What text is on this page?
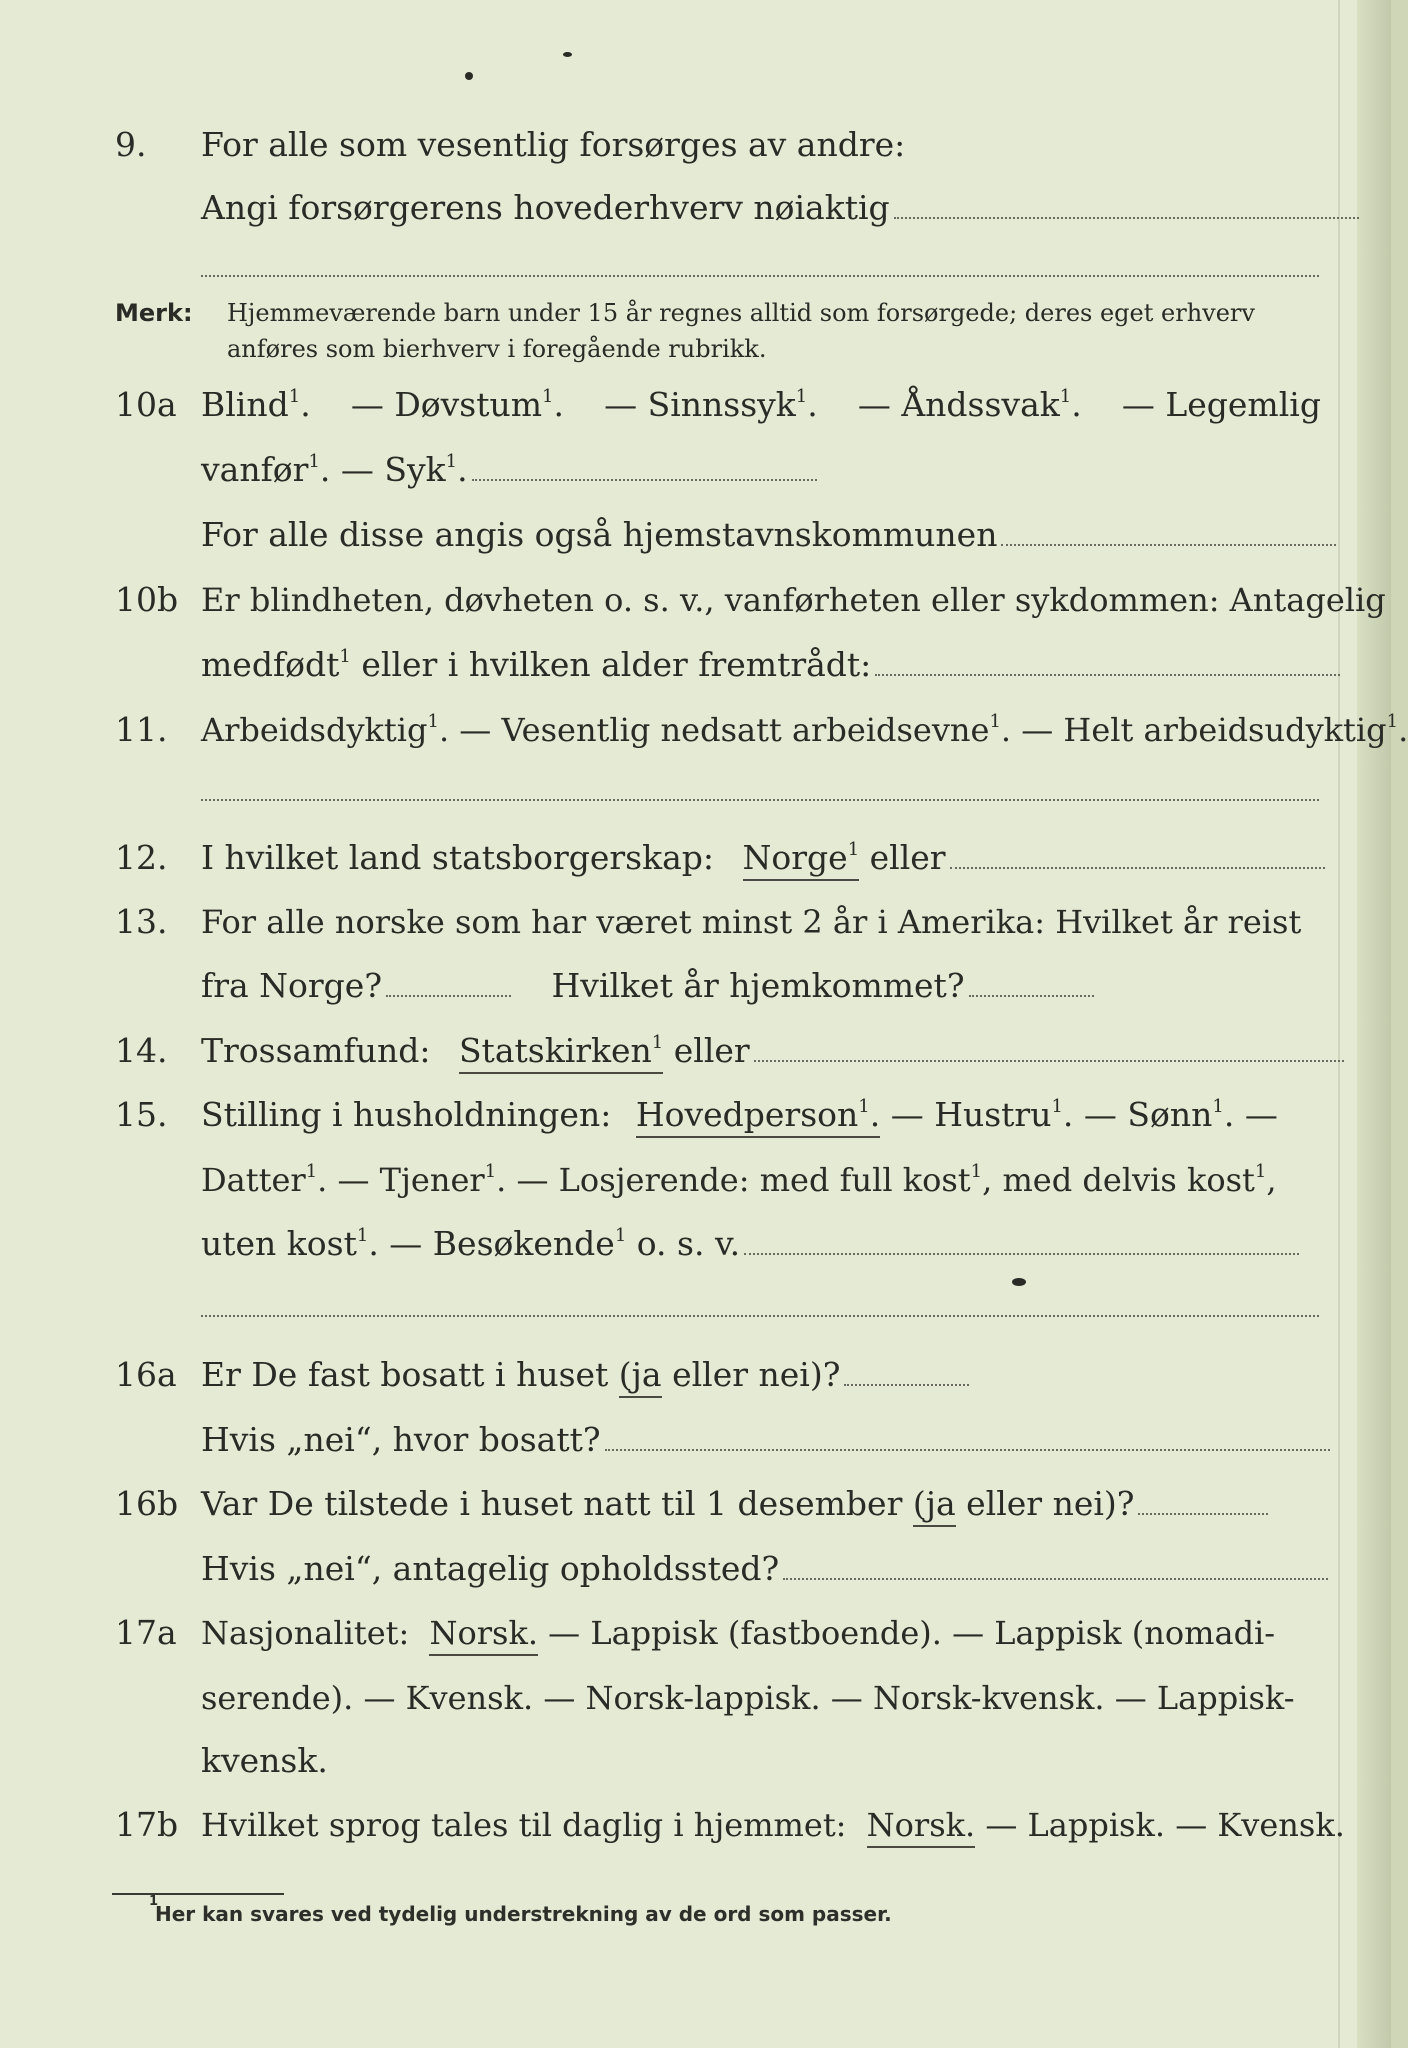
9. For alle som vesentlig forsørges av andre:
Angi forsørgerens hovederhverv nøiaktig
Merk: Hjemmeværende barn under 15 år regnes alltid som forsørgede; deres eget erhverv anføres som bierhverv i foregående rubrikk.
10a Blind$^1$. — Døvstum$^1$. — Sinnssyk$^1$. — Åndssvak$^1$. — Legemlig
vanfør$^1$. — Syk$^1$.
For alle disse angis også hjemstavnskommunen
10b Er blindheten, døvheten o. s. v., vanførheten eller sykdommen: Antagelig
medfødt$^1$ eller i hvilken alder fremtrådt:
11. Arbeidsdyktig$^1$. — Vesentlig nedsatt arbeidsevne$^1$. — Helt arbeidsudyktig$^1$.
12. I hvilket land statsborgerskap: Norge$^1$ eller
13. For alle norske som har været minst 2 år i Amerika: Hvilket år reist
fra Norge?	Hvilket år hjemkommet?
14. Trossamfund: Statskirken$^1$ eller
15. Stilling i husholdningen: Hovedperson$^1$. — Hustru$^1$. — Sønn$^1$. —
Datter$^1$. — Tjener$^1$. — Losjerende: med full kost$^1$, med delvis kost$^1$,
uten kost$^1$. — Besøkende$^1$ o. s. v.
16a Er De fast bosatt i huset (ja eller nei)?
Hvis „nei“, hvor bosatt?
16b Var De tilstede i huset natt til 1 desember (ja eller nei)?
Hvis „nei“, antagelig opholdssted?
17a Nasjonalitet: Norsk. — Lappisk (fastboende). — Lappisk (nomadi-
serende). — Kvensk. — Norsk-lappisk. — Norsk-kvensk. — Lappisk-
kvensk.
17b Hvilket sprog tales til daglig i hjemmet: Norsk. — Lappisk. — Kvensk.
1
Her kan svares ved tydelig understrekning av de ord som passer.
